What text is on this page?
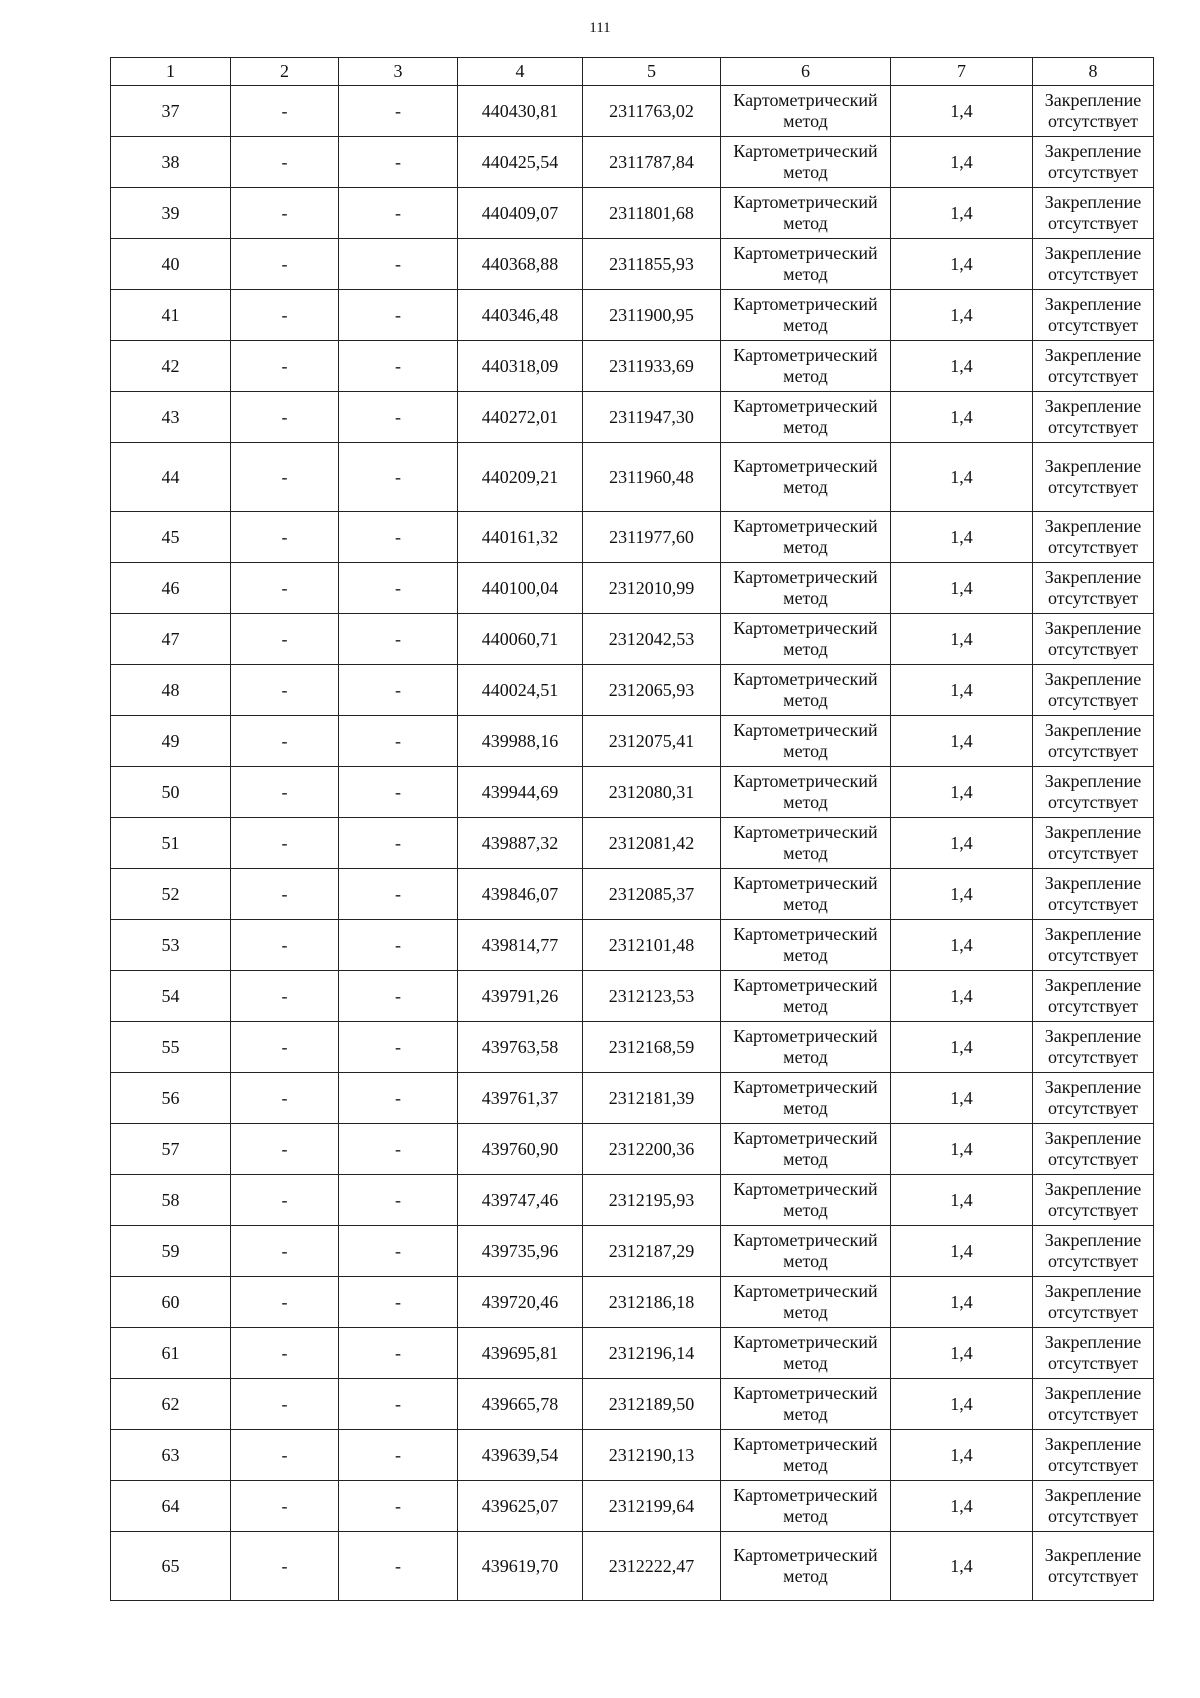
111
1	2	3	4	5	6	7	8
37	-	-	440430,81	2311763,02	Картометрический метод	1,4	Закрепление отсутствует
38	-	-	440425,54	2311787,84	Картометрический метод	1,4	Закрепление отсутствует
39	-	-	440409,07	2311801,68	Картометрический метод	1,4	Закрепление отсутствует
40	-	-	440368,88	2311855,93	Картометрический метод	1,4	Закрепление отсутствует
41	-	-	440346,48	2311900,95	Картометрический метод	1,4	Закрепление отсутствует
42	-	-	440318,09	2311933,69	Картометрический метод	1,4	Закрепление отсутствует
43	-	-	440272,01	2311947,30	Картометрический метод	1,4	Закрепление отсутствует
44	-	-	440209,21	2311960,48	Картометрический метод	1,4	Закрепление отсутствует
45	-	-	440161,32	2311977,60	Картометрический метод	1,4	Закрепление отсутствует
46	-	-	440100,04	2312010,99	Картометрический метод	1,4	Закрепление отсутствует
47	-	-	440060,71	2312042,53	Картометрический метод	1,4	Закрепление отсутствует
48	-	-	440024,51	2312065,93	Картометрический метод	1,4	Закрепление отсутствует
49	-	-	439988,16	2312075,41	Картометрический метод	1,4	Закрепление отсутствует
50	-	-	439944,69	2312080,31	Картометрический метод	1,4	Закрепление отсутствует
51	-	-	439887,32	2312081,42	Картометрический метод	1,4	Закрепление отсутствует
52	-	-	439846,07	2312085,37	Картометрический метод	1,4	Закрепление отсутствует
53	-	-	439814,77	2312101,48	Картометрический метод	1,4	Закрепление отсутствует
54	-	-	439791,26	2312123,53	Картометрический метод	1,4	Закрепление отсутствует
55	-	-	439763,58	2312168,59	Картометрический метод	1,4	Закрепление отсутствует
56	-	-	439761,37	2312181,39	Картометрический метод	1,4	Закрепление отсутствует
57	-	-	439760,90	2312200,36	Картометрический метод	1,4	Закрепление отсутствует
58	-	-	439747,46	2312195,93	Картометрический метод	1,4	Закрепление отсутствует
59	-	-	439735,96	2312187,29	Картометрический метод	1,4	Закрепление отсутствует
60	-	-	439720,46	2312186,18	Картометрический метод	1,4	Закрепление отсутствует
61	-	-	439695,81	2312196,14	Картометрический метод	1,4	Закрепление отсутствует
62	-	-	439665,78	2312189,50	Картометрический метод	1,4	Закрепление отсутствует
63	-	-	439639,54	2312190,13	Картометрический метод	1,4	Закрепление отсутствует
64	-	-	439625,07	2312199,64	Картометрический метод	1,4	Закрепление отсутствует
65	-	-	439619,70	2312222,47	Картометрический метод	1,4	Закрепление отсутствует
